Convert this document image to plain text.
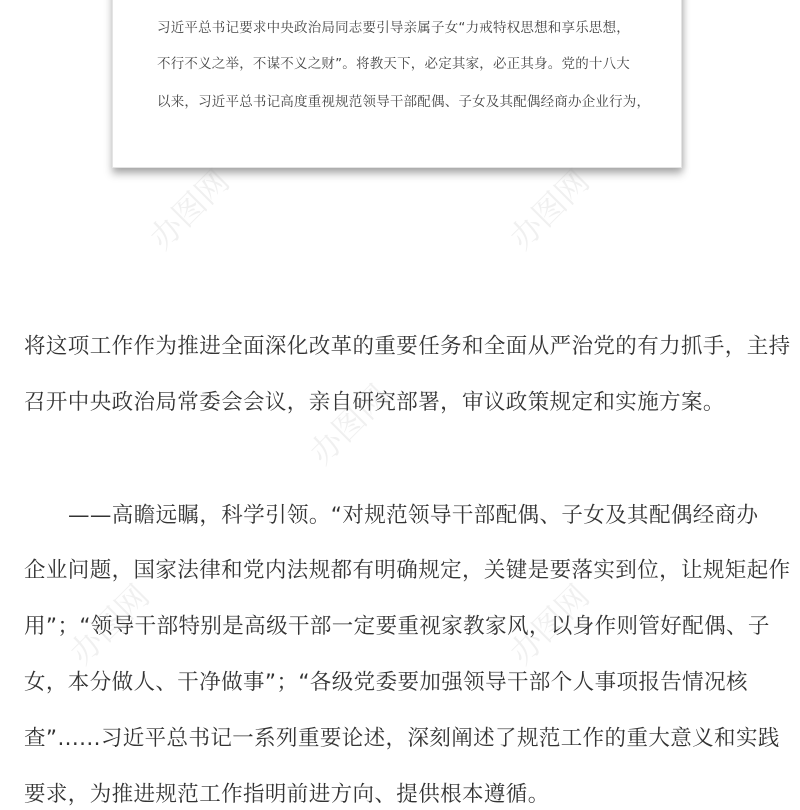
习近平总书记要求中央政治局同志要引导亲属子女“力戒特权思想和享乐思想，
不行不义之举，不谋不义之财”。将教天下，必定其家，必正其身。党的十八大
以来，习近平总书记高度重视规范领导干部配偶、子女及其配偶经商办企业行为，
将这项工作作为推进全面深化改革的重要任务和全面从严治党的有力抓手，主持
召开中央政治局常委会会议，亲自研究部署，审议政策规定和实施方案。
——高瞻远瞩，科学引领。“对规范领导干部配偶、子女及其配偶经商办
企业问题，国家法律和党内法规都有明确规定，关键是要落实到位，让规矩起作
用”；“领导干部特别是高级干部一定要重视家教家风，以身作则管好配偶、子
女，本分做人、干净做事”；“各级党委要加强领导干部个人事项报告情况核
查”......习近平总书记一系列重要论述，深刻阐述了规范工作的重大意义和实践
要求，为推进规范工作指明前进方向、提供根本遵循。
办图网	办图网
办图网
办图网	办图网
